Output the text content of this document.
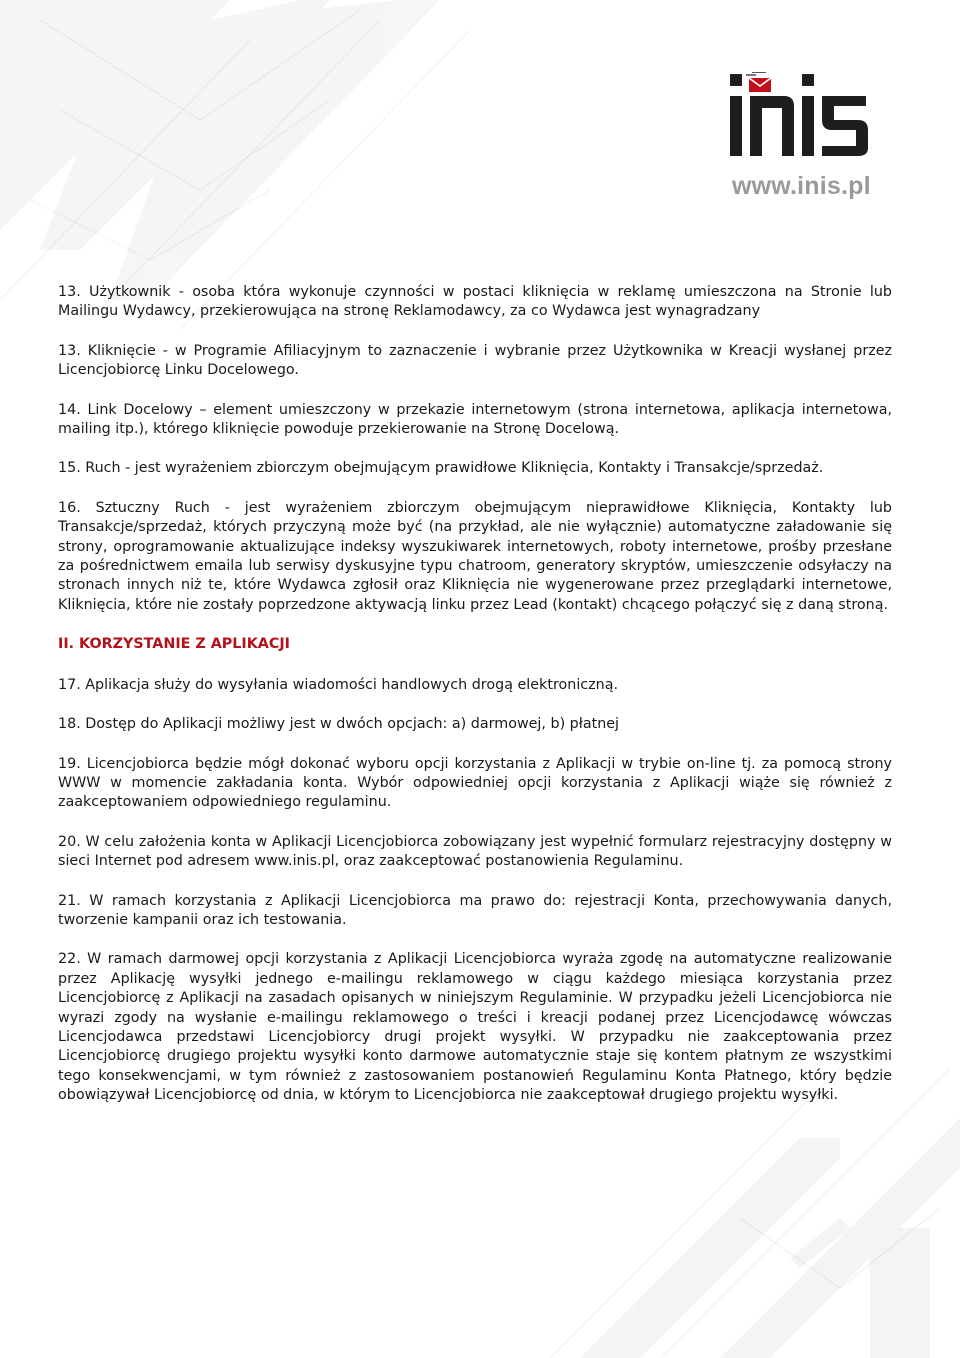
www.inis.pl

13. Użytkownik - osoba która wykonuje czynności w postaci kliknięcia w reklamę umieszczona na Stronie lub Mailingu Wydawcy, przekierowująca na stronę Reklamodawcy, za co Wydawca jest wynagradzany

13. Kliknięcie - w Programie Afiliacyjnym to zaznaczenie i wybranie przez Użytkownika w Kreacji wysłanej przez Licencjobiorcę Linku Docelowego.

14. Link Docelowy – element umieszczony w przekazie internetowym (strona internetowa, aplikacja internetowa, mailing itp.), którego kliknięcie powoduje przekierowanie na Stronę Docelową.

15. Ruch - jest wyrażeniem zbiorczym obejmującym prawidłowe Kliknięcia, Kontakty i Transakcje/sprzedaż.

16. Sztuczny Ruch - jest wyrażeniem zbiorczym obejmującym nieprawidłowe Kliknięcia, Kontakty lub Transakcje/sprzedaż, których przyczyną może być (na przykład, ale nie wyłącznie) automatyczne załadowanie się strony, oprogramowanie aktualizujące indeksy wyszukiwarek internetowych, roboty internetowe, prośby przesłane za pośrednictwem emaila lub serwisy dyskusyjne typu chatroom, generatory skryptów, umieszczenie odsyłaczy na stronach innych niż te, które Wydawca zgłosił oraz Kliknięcia nie wygenerowane przez przeglądarki internetowe, Kliknięcia, które nie zostały poprzedzone aktywacją linku przez Lead (kontakt) chcącego połączyć się z daną stroną.

II. KORZYSTANIE Z APLIKACJI

17. Aplikacja służy do wysyłania wiadomości handlowych drogą elektroniczną.

18. Dostęp do Aplikacji możliwy jest w dwóch opcjach: a) darmowej, b) płatnej

19. Licencjobiorca będzie mógł dokonać wyboru opcji korzystania z Aplikacji w trybie on-line tj. za pomocą strony WWW w momencie zakładania konta. Wybór odpowiedniej opcji korzystania z Aplikacji wiąże się również z zaakceptowaniem odpowiedniego regulaminu.

20. W celu założenia konta w Aplikacji Licencjobiorca zobowiązany jest wypełnić formularz rejestracyjny dostępny w sieci Internet pod adresem www.inis.pl, oraz zaakceptować postanowienia Regulaminu.

21. W ramach korzystania z Aplikacji Licencjobiorca ma prawo do: rejestracji Konta, przechowywania danych, tworzenie kampanii oraz ich testowania.

22. W ramach darmowej opcji korzystania z Aplikacji Licencjobiorca wyraża zgodę na automatyczne realizowanie przez Aplikację wysyłki jednego e-mailingu reklamowego w ciągu każdego miesiąca korzystania przez Licencjobiorcę z Aplikacji na zasadach opisanych w niniejszym Regulaminie. W przypadku jeżeli Licencjobiorca nie wyrazi zgody na wysłanie e-mailingu reklamowego o treści i kreacji podanej przez Licencjodawcę wówczas Licencjodawca przedstawi Licencjobiorcy drugi projekt wysyłki. W przypadku nie zaakceptowania przez Licencjobiorcę drugiego projektu wysyłki konto darmowe automatycznie staje się kontem płatnym ze wszystkimi tego konsekwencjami, w tym również z zastosowaniem postanowień Regulaminu Konta Płatnego, który będzie obowiązywał Licencjobiorcę od dnia, w którym to Licencjobiorca nie zaakceptował drugiego projektu wysyłki.
